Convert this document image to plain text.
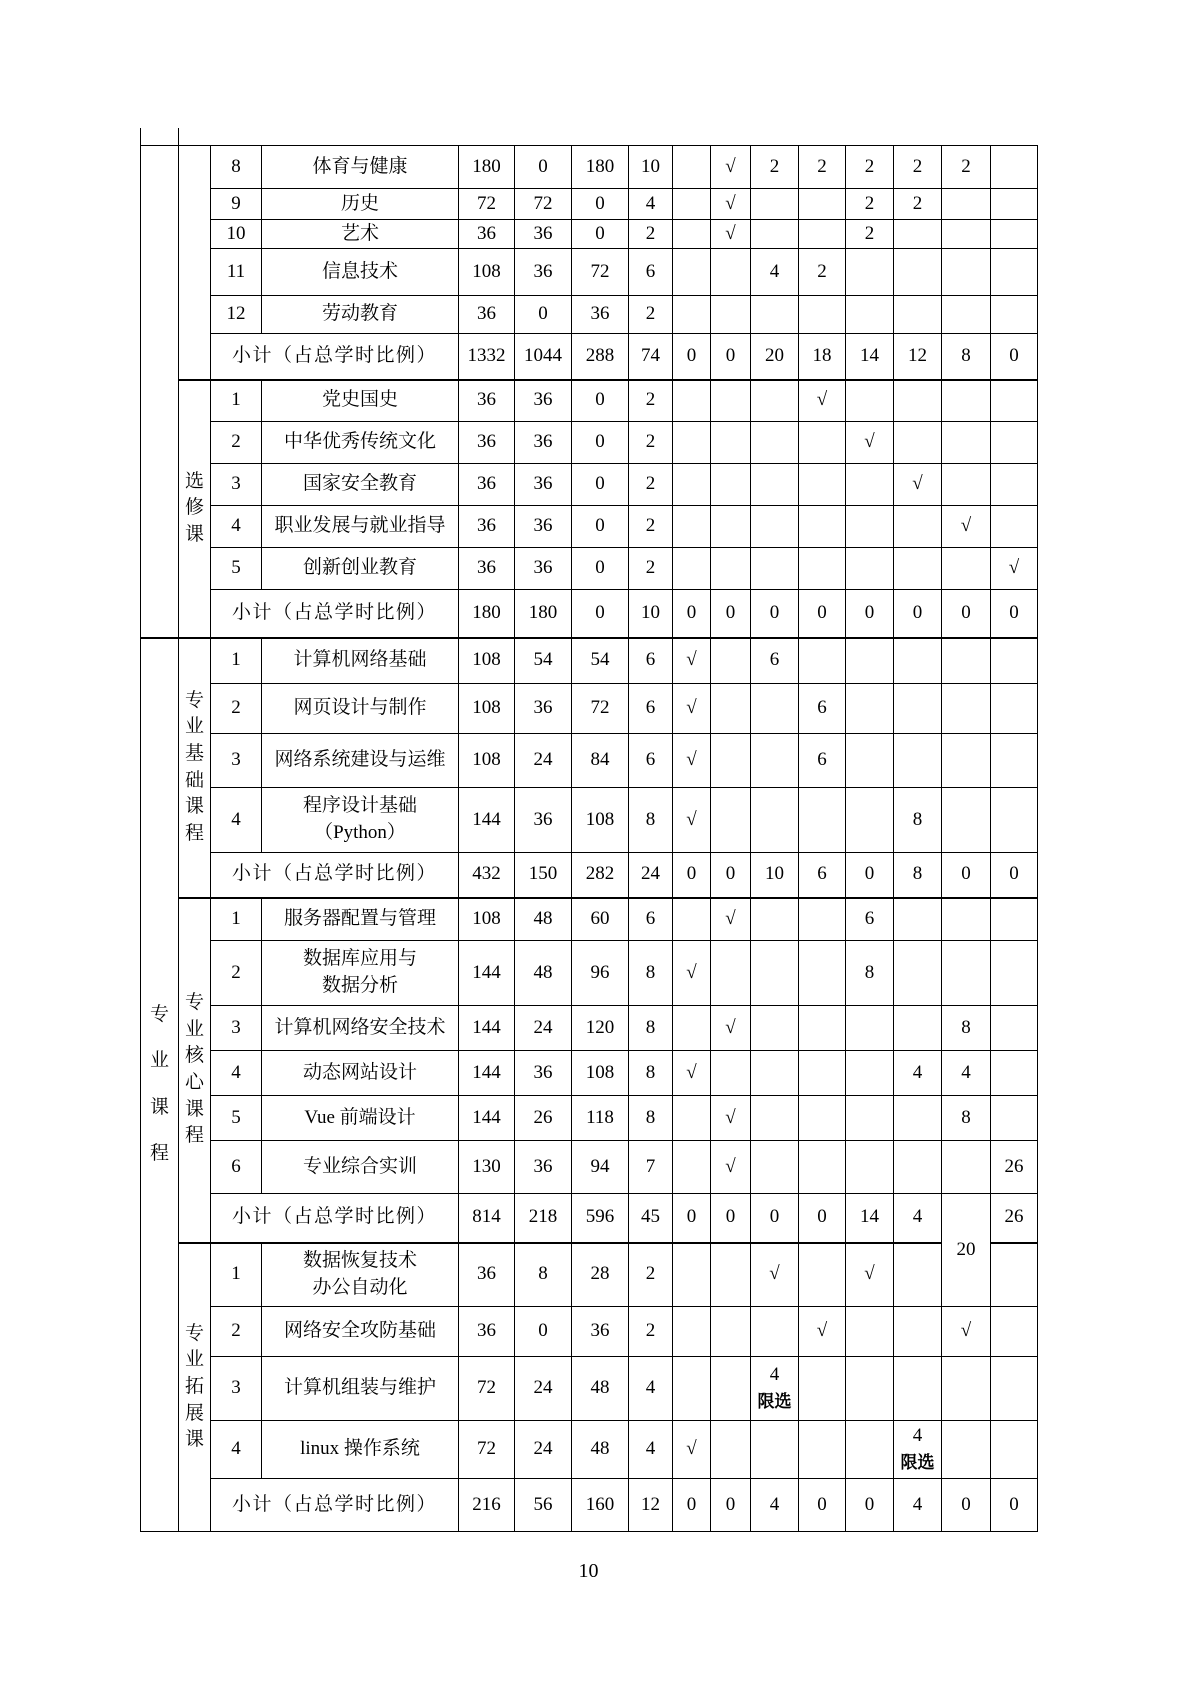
		8	体育与健康	180	0	180	10		√	2	2	2	2	2	
		9	历史	72	72	0	4		√			2	2		
		10	艺术	36	36	0	2		√			2			
		11	信息技术	108	36	72	6			4	2				
		12	劳动教育	36	0	36	2								
		小计（占总学时比例）		1332	1044	288	74	0	0	20	18	14	12	8	0
	选
修
课	1	党史国史	36	36	0	2				√				
		2	中华优秀传统文化	36	36	0	2					√			
		3	国家安全教育	36	36	0	2						√		
		4	职业发展与就业指导	36	36	0	2							√	
		5	创新创业教育	36	36	0	2								√
		小计（占总学时比例）		180	180	0	10	0	0	0	0	0	0	0	0
专
业
课
程	专
业
基
础
课
程	1	计算机网络基础	108	54	54	6	√		6					
		2	网页设计与制作	108	36	72	6	√			6				
		3	网络系统建设与运维	108	24	84	6	√			6				
		4	程序设计基础
（Python）	144	36	108	8	√					8		
		小计（占总学时比例）		432	150	282	24	0	0	10	6	0	8	0	0
专
业
核
心
课
程	1	服务器配置与管理	108	48	60	6		√			6			
		2	数据库应用与
数据分析	144	48	96	8	√				8			
		3	计算机网络安全技术	144	24	120	8		√					8	
		4	动态网站设计	144	36	108	8	√					4	4	
		5	Vue 前端设计	144	26	118	8		√					8	
		6	专业综合实训	130	36	94	7		√						26
		小计（占总学时比例）		814	218	596	45	0	0	0	0	14	4	20	26
	专
业
拓
展
课	1	数据恢复技术
办公自动化	36	8	28	2			√		√			
		2	网络安全攻防基础	36	0	36	2				√			√	
		3	计算机组装与维护	72	24	48	4			4
限选					
		4	linux 操作系统	72	24	48	4	√					4
限选		
		小计（占总学时比例）		216	56	160	12	0	0	4	0	0	4	0	0
10
